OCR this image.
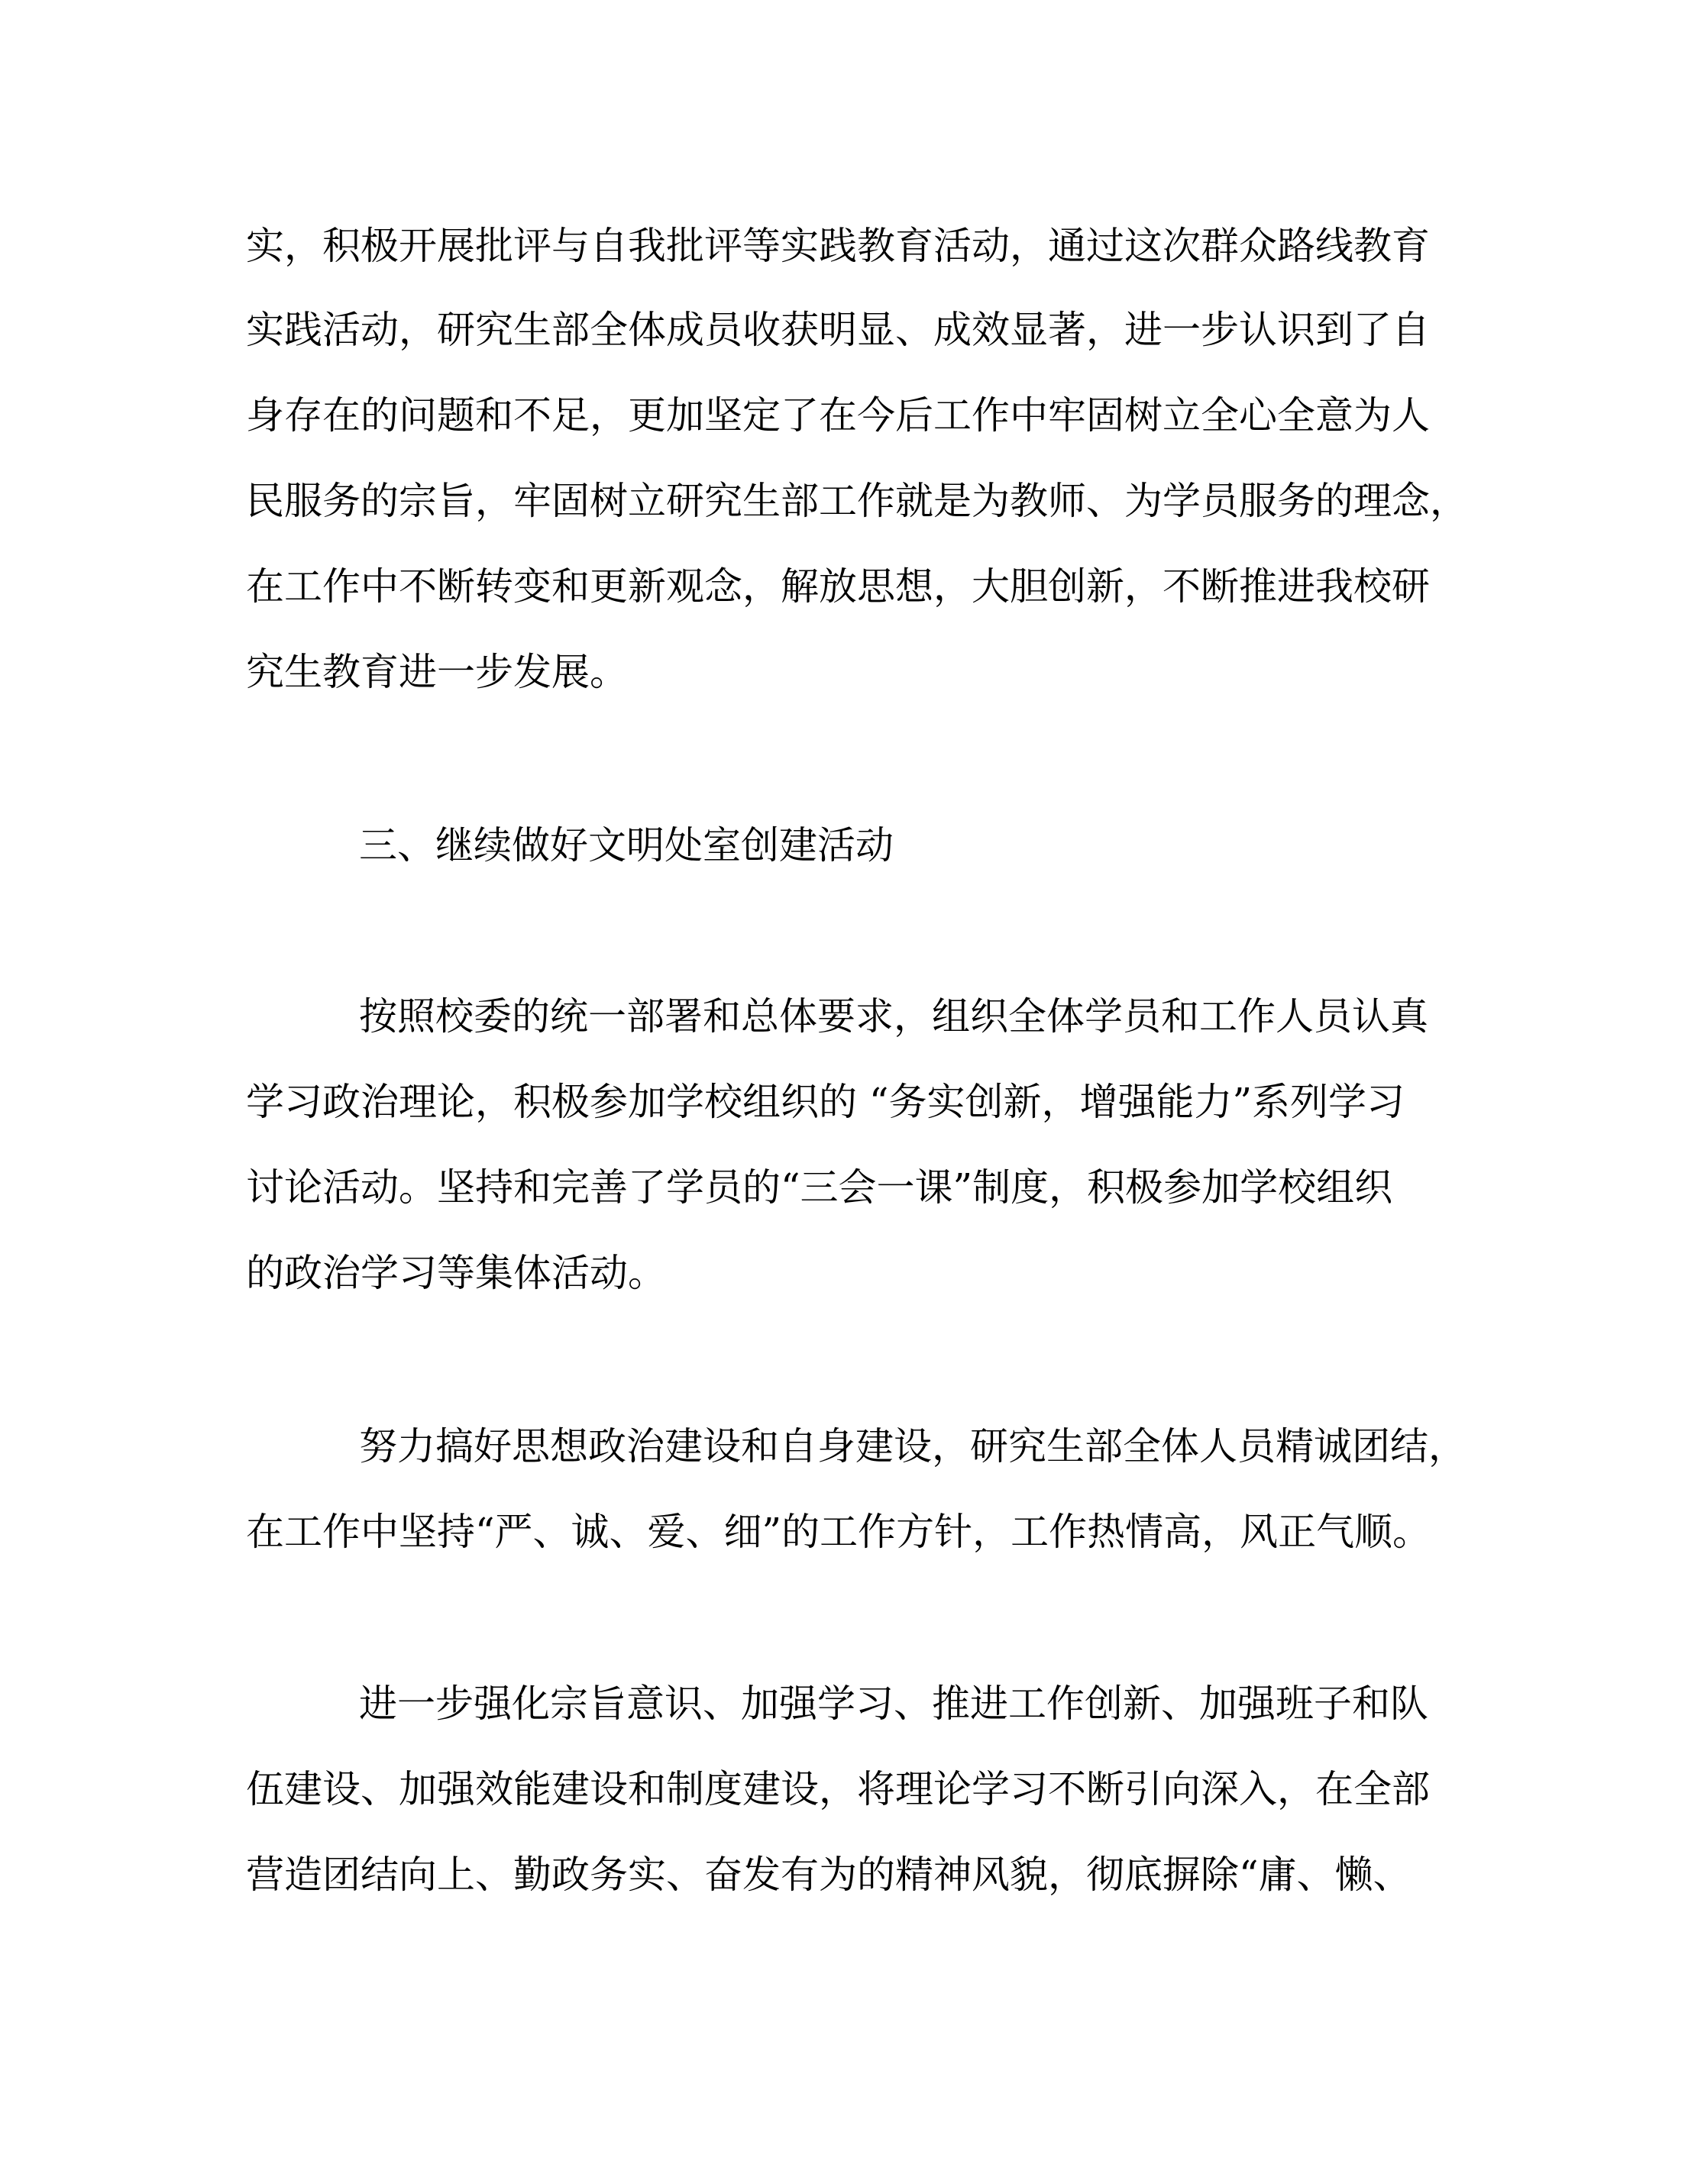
实，积极开展批评与自我批评等实践教育活动，通过这次群众路线教育
实践活动，研究生部全体成员收获明显、成效显著，进一步认识到了自
身存在的问题和不足，更加坚定了在今后工作中牢固树立全心全意为人
民服务的宗旨，牢固树立研究生部工作就是为教师、为学员服务的理念，
在工作中不断转变和更新观念，解放思想，大胆创新，不断推进我校研
究生教育进一步发展。
三、继续做好文明处室创建活动
按照校委的统一部署和总体要求，组织全体学员和工作人员认真
学习政治理论，积极参加学校组织的 “务实创新，增强能力”系列学习
讨论活动。坚持和完善了学员的“三会一课”制度，积极参加学校组织
的政治学习等集体活动。
努力搞好思想政治建设和自身建设，研究生部全体人员精诚团结，
在工作中坚持“严、诚、爱、细”的工作方针，工作热情高，风正气顺。
进一步强化宗旨意识、加强学习、推进工作创新、加强班子和队
伍建设、加强效能建设和制度建设，将理论学习不断引向深入，在全部
营造团结向上、勤政务实、奋发有为的精神风貌，彻底摒除“庸、懒、
